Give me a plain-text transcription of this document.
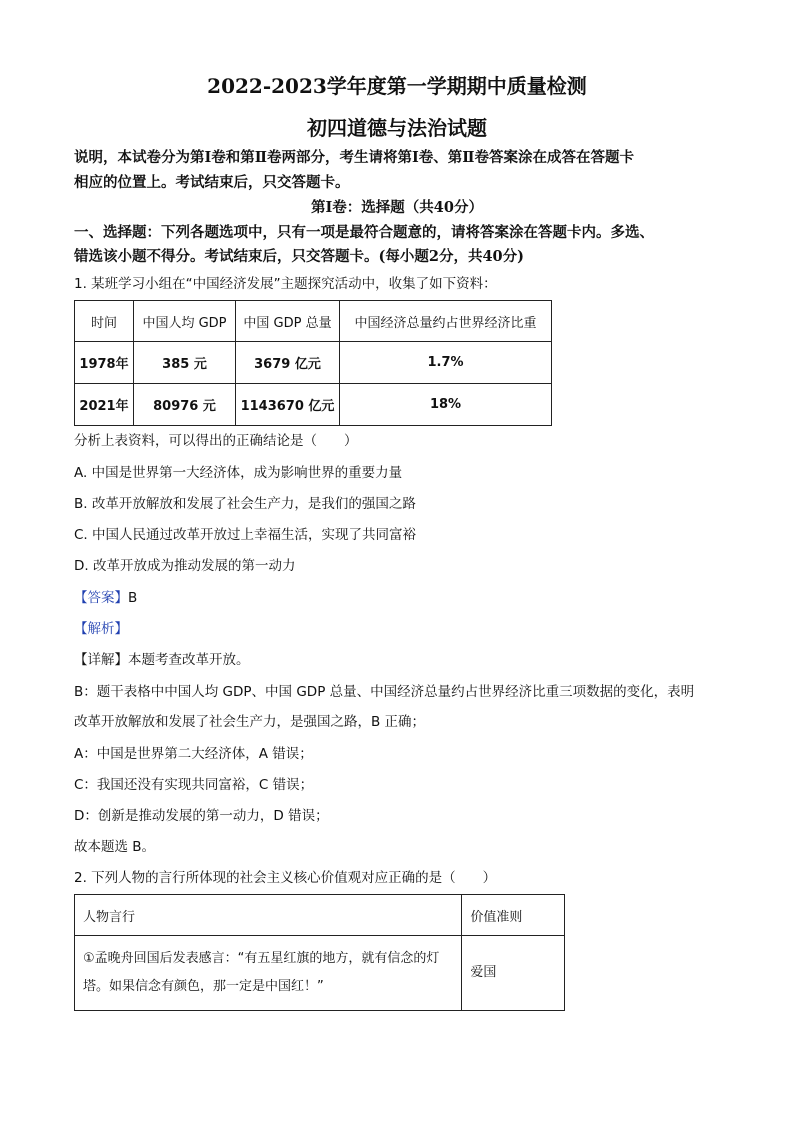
2022-2023学年度第一学期期中质量检测
初四道德与法治试题
说明，本试卷分为第Ⅰ卷和第Ⅱ卷两部分，考生请将第Ⅰ卷、第Ⅱ卷答案涂在成答在答题卡
相应的位置上。考试结束后，只交答题卡。
第Ⅰ卷：选择题（共40分）
一、选择题：下列各题选项中，只有一项是最符合题意的，请将答案涂在答题卡内。多选、
错选该小题不得分。考试结束后，只交答题卡。(每小题2分，共40分)
1. 某班学习小组在“中国经济发展”主题探究活动中，收集了如下资料：
时间	中国人均 GDP	中国 GDP 总量	中国经济总量约占世界经济比重
1978年	385 元	3679 亿元	1.7%
2021年	80976 元	1143670 亿元	18%
分析上表资料，可以得出的正确结论是（　　）
A. 中国是世界第一大经济体，成为影响世界的重要力量
B. 改革开放解放和发展了社会生产力，是我们的强国之路
C. 中国人民通过改革开放过上幸福生活，实现了共同富裕
D. 改革开放成为推动发展的第一动力
【答案】B
【解析】
【详解】本题考查改革开放。
B：题干表格中中国人均 GDP、中国 GDP 总量、中国经济总量约占世界经济比重三项数据的变化，表明
改革开放解放和发展了社会生产力，是强国之路，B 正确；
A：中国是世界第二大经济体，A 错误；
C：我国还没有实现共同富裕，C 错误；
D：创新是推动发展的第一动力，D 错误；
故本题选 B。
2. 下列人物的言行所体现的社会主义核心价值观对应正确的是（　　）
人物言行	价值准则
①孟晚舟回国后发表感言：“有五星红旗的地方，就有信念的灯塔。如果信念有颜色，那一定是中国红！”	爱国
